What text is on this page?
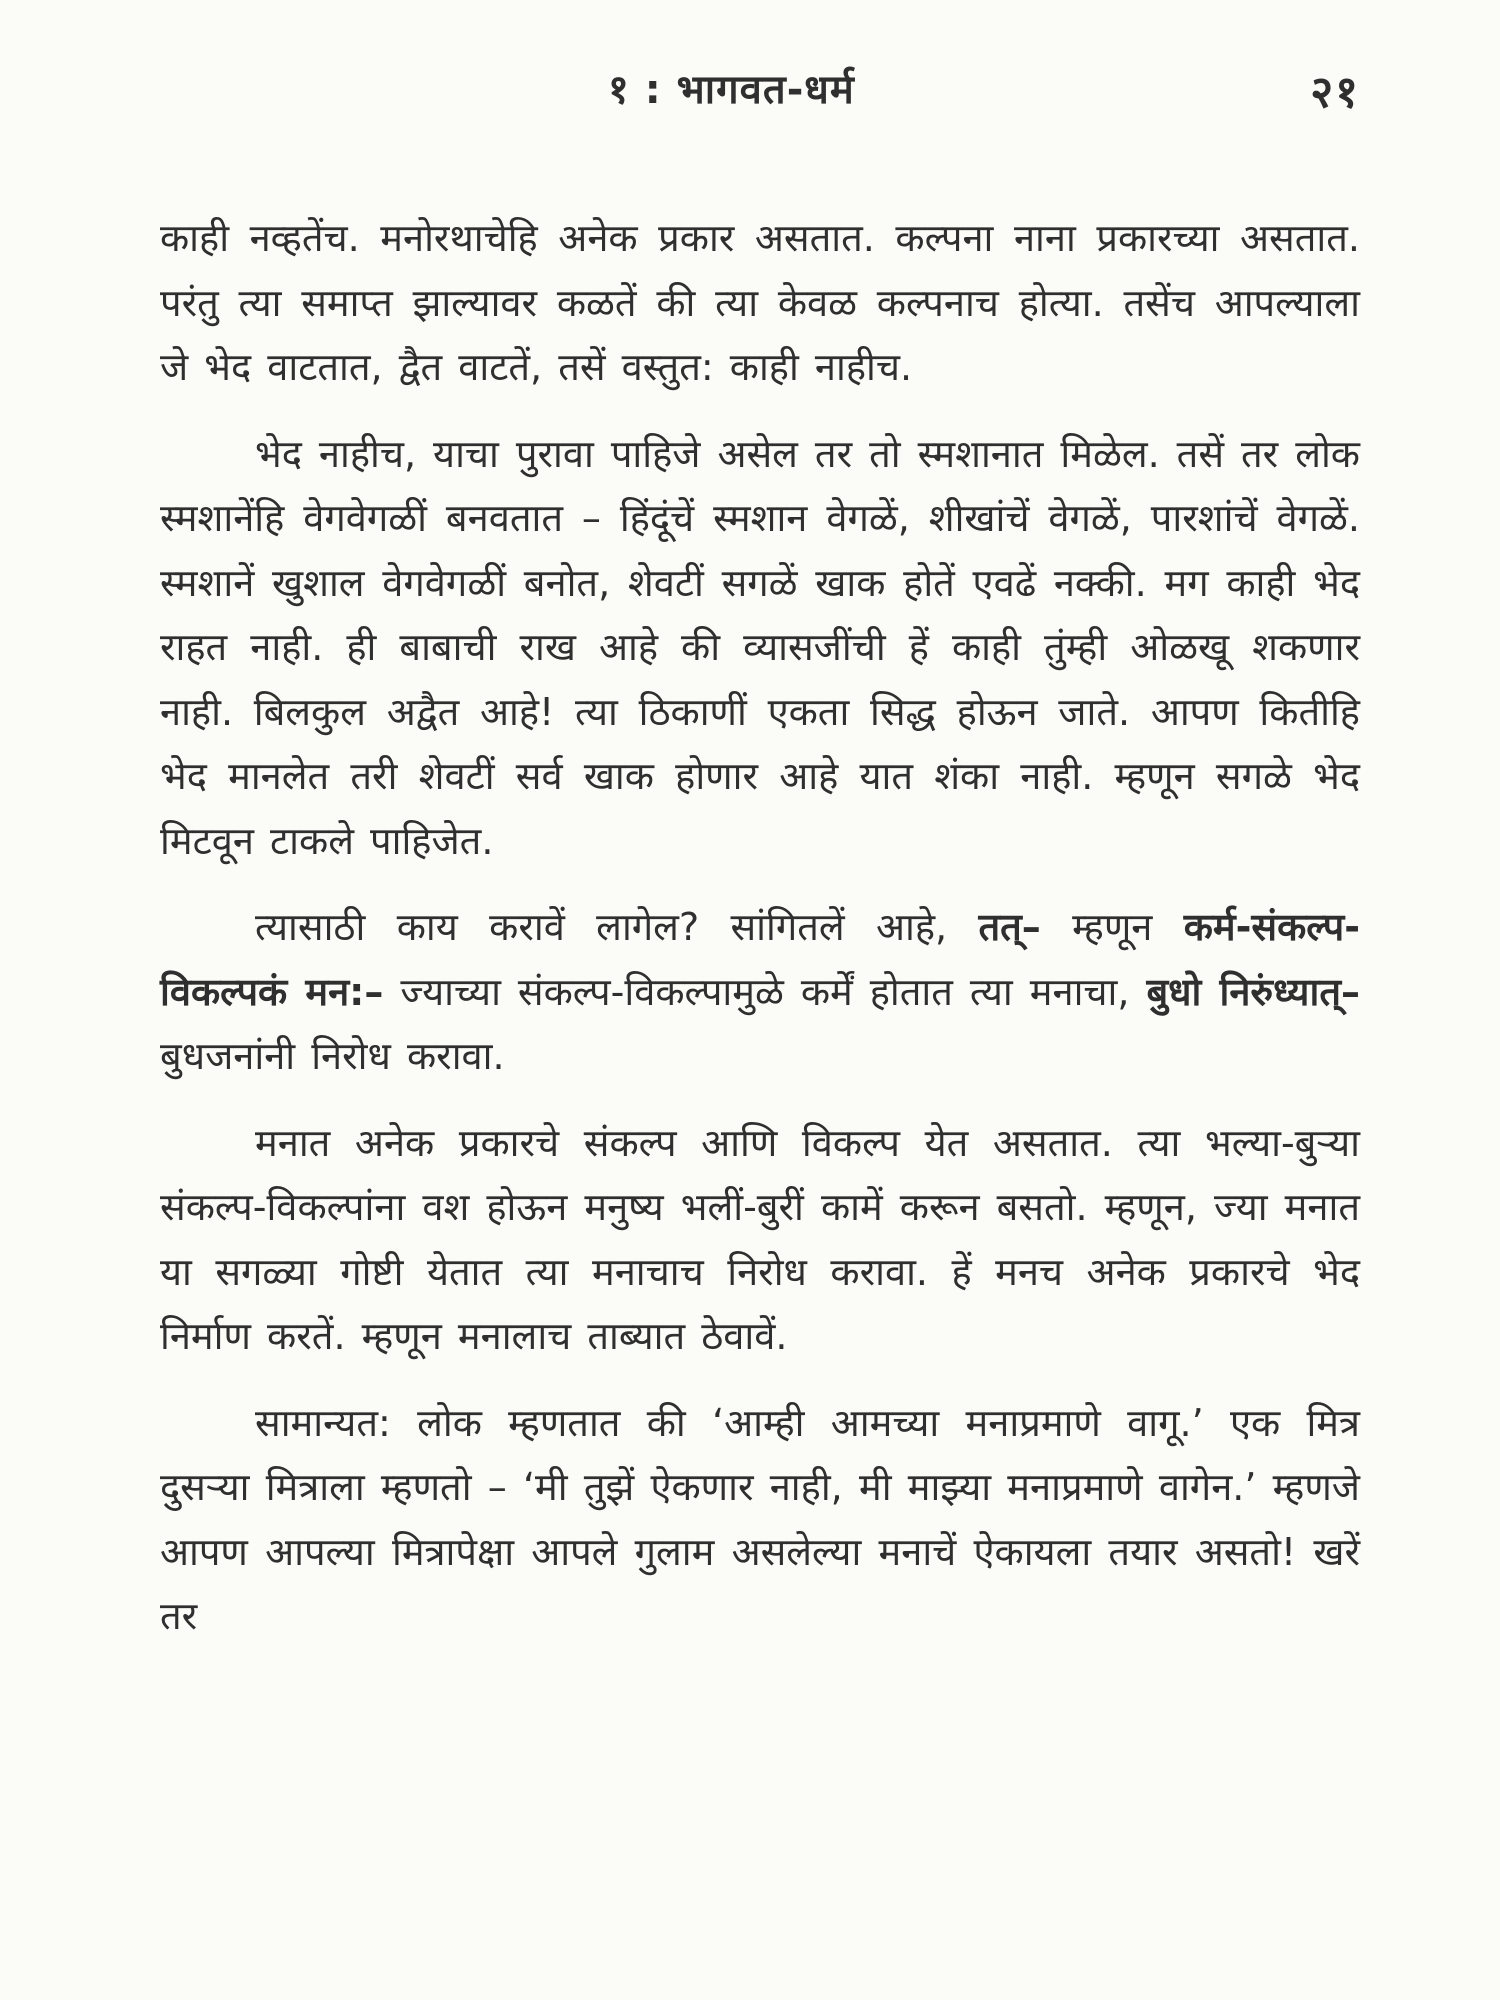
१ : भागवत-धर्म	२१

काही नव्हतेंच. मनोरथाचेहि अनेक प्रकार असतात. कल्पना नाना प्रकारच्या असतात. परंतु त्या समाप्त झाल्यावर कळतें की त्या केवळ कल्पनाच होत्या. तसेंच आपल्याला जे भेद वाटतात, द्वैत वाटतें, तसें वस्तुत: काही नाहीच.

भेद नाहीच, याचा पुरावा पाहिजे असेल तर तो स्मशानात मिळेल. तसें तर लोक स्मशानेंहि वेगवेगळीं बनवतात – हिंदूंचें स्मशान वेगळें, शीखांचें वेगळें, पारशांचें वेगळें. स्मशानें खुशाल वेगवेगळीं बनोत, शेवटीं सगळें खाक होतें एवढें नक्की. मग काही भेद राहत नाही. ही बाबाची राख आहे की व्यासजींची हें काही तुंम्ही ओळखू शकणार नाही. बिलकुल अद्वैत आहे! त्या ठिकाणीं एकता सिद्ध होऊन जाते. आपण कितीहि भेद मानलेत तरी शेवटीं सर्व खाक होणार आहे यात शंका नाही. म्हणून सगळे भेद मिटवून टाकले पाहिजेत.

त्यासाठी काय करावें लागेल? सांगितलें आहे, तत्– म्हणून कर्म-संकल्प-विकल्पकं मन:– ज्याच्या संकल्प-विकल्पामुळे कर्में होतात त्या मनाचा, बुधो निरुंध्यात्– बुधजनांनी निरोध करावा.

मनात अनेक प्रकारचे संकल्प आणि विकल्प येत असतात. त्या भल्या-बुऱ्या संकल्प-विकल्पांना वश होऊन मनुष्य भलीं-बुरीं कामें करून बसतो. म्हणून, ज्या मनात या सगळ्या गोष्टी येतात त्या मनाचाच निरोध करावा. हें मनच अनेक प्रकारचे भेद निर्माण करतें. म्हणून मनालाच ताब्यात ठेवावें.

सामान्यत: लोक म्हणतात की ‘आम्ही आमच्या मनाप्रमाणे वागू.’ एक मित्र दुसऱ्या मित्राला म्हणतो – ‘मी तुझें ऐकणार नाही, मी माझ्या मनाप्रमाणे वागेन.’ म्हणजे आपण आपल्या मित्रापेक्षा आपले गुलाम असलेल्या मनाचें ऐकायला तयार असतो! खरें तर
